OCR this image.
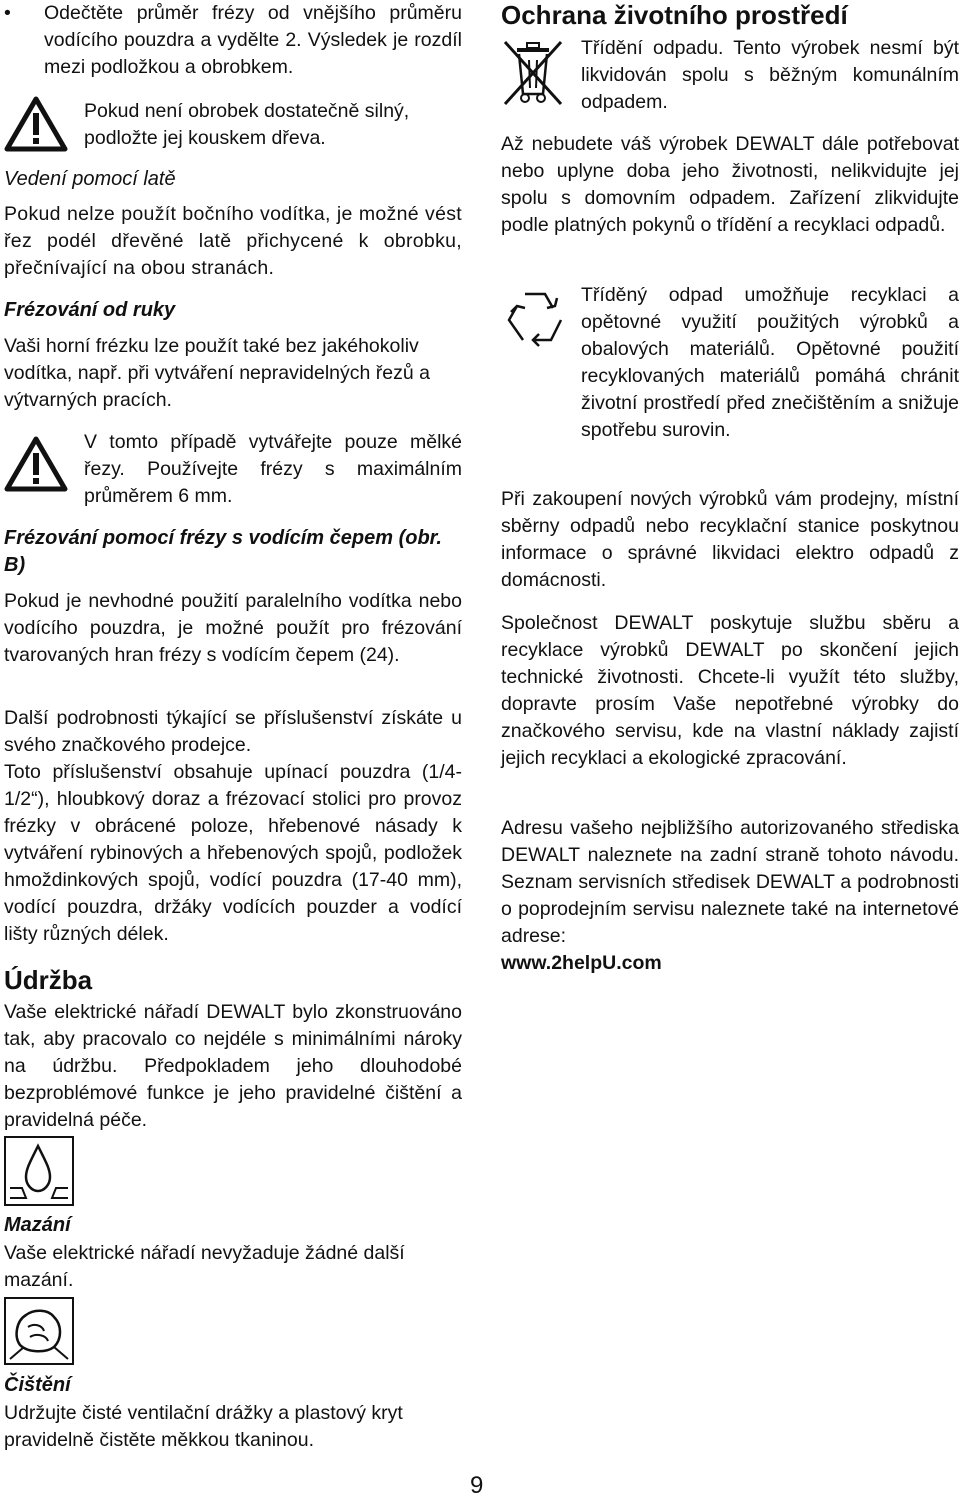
• Odečtěte průměr frézy od vnějšího průměru vodícího pouzdra a vydělte 2. Výsledek je rozdíl mezi podložkou a obrobkem.

Pokud není obrobek dostatečně silný, podložte jej kouskem dřeva.

Vedení pomocí latě

Pokud nelze použít bočního vodítka, je možné vést řez podél dřevěné latě přichycené k obrobku, přečnívající na obou stranách.

Frézování od ruky

Vaši horní frézku lze použít také bez jakéhokoliv vodítka, např. při vytváření nepravidelných řezů a výtvarných pracích.

V tomto případě vytvářejte pouze mělké řezy. Používejte frézy s maximálním průměrem 6 mm.

Frézování pomocí frézy s vodícím čepem (obr. B)

Pokud je nevhodné použití paralelního vodítka nebo vodícího pouzdra, je možné použít pro frézování tvarovaných hran frézy s vodícím čepem (24).

Další podrobnosti týkající se příslušenství získáte u svého značkového prodejce.

Toto příslušenství obsahuje upínací pouzdra (1/4-1/2“), hloubkový doraz a frézovací stolici pro provoz frézky v obrácené poloze, hřebenové násady k vytváření rybinových a hřebenových spojů, podložek hmoždinkových spojů, vodící pouzdra (17-40 mm), vodící pouzdra, držáky vodících pouzder a vodící lišty různých délek.

Údržba

Vaše elektrické nářadí DEWALT bylo zkonstruováno tak, aby pracovalo co nejdéle s minimálními nároky na údržbu. Předpokladem jeho dlouhodobé bezproblémové funkce je jeho pravidelné čištění a pravidelná péče.

Mazání

Vaše elektrické nářadí nevyžaduje žádné další mazání.

Čištění

Udržujte čisté ventilační drážky a plastový kryt pravidelně čistěte měkkou tkaninou.

Ochrana životního prostředí

Třídění odpadu. Tento výrobek nesmí být likvidován spolu s běžným komunálním odpadem.

Až nebudete váš výrobek DEWALT dále potřebovat nebo uplyne doba jeho životnosti, nelikvidujte jej spolu s domovním odpadem. Zařízení zlikvidujte podle platných pokynů o třídění a recyklaci odpadů.

Tříděný odpad umožňuje recyklaci a opětovné využití použitých výrobků a obalových materiálů. Opětovné použití recyklovaných materiálů pomáhá chránit životní prostředí před znečištěním a snižuje spotřebu surovin.

Při zakoupení nových výrobků vám prodejny, místní sběrny odpadů nebo recyklační stanice poskytnou informace o správné likvidaci elektro odpadů z domácnosti.

Společnost DEWALT poskytuje službu sběru a recyklace výrobků DEWALT po skončení jejich technické životnosti. Chcete-li využít této služby, dopravte prosím Vaše nepotřebné výrobky do značkového servisu, kde na vlastní náklady zajistí jejich recyklaci a ekologické zpracování.

Adresu vašeho nejbližšího autorizovaného střediska DEWALT naleznete na zadní straně tohoto návodu. Seznam servisních středisek DEWALT a podrobnosti o poprodejním servisu naleznete také na internetové adrese:

www.2helpU.com

9
